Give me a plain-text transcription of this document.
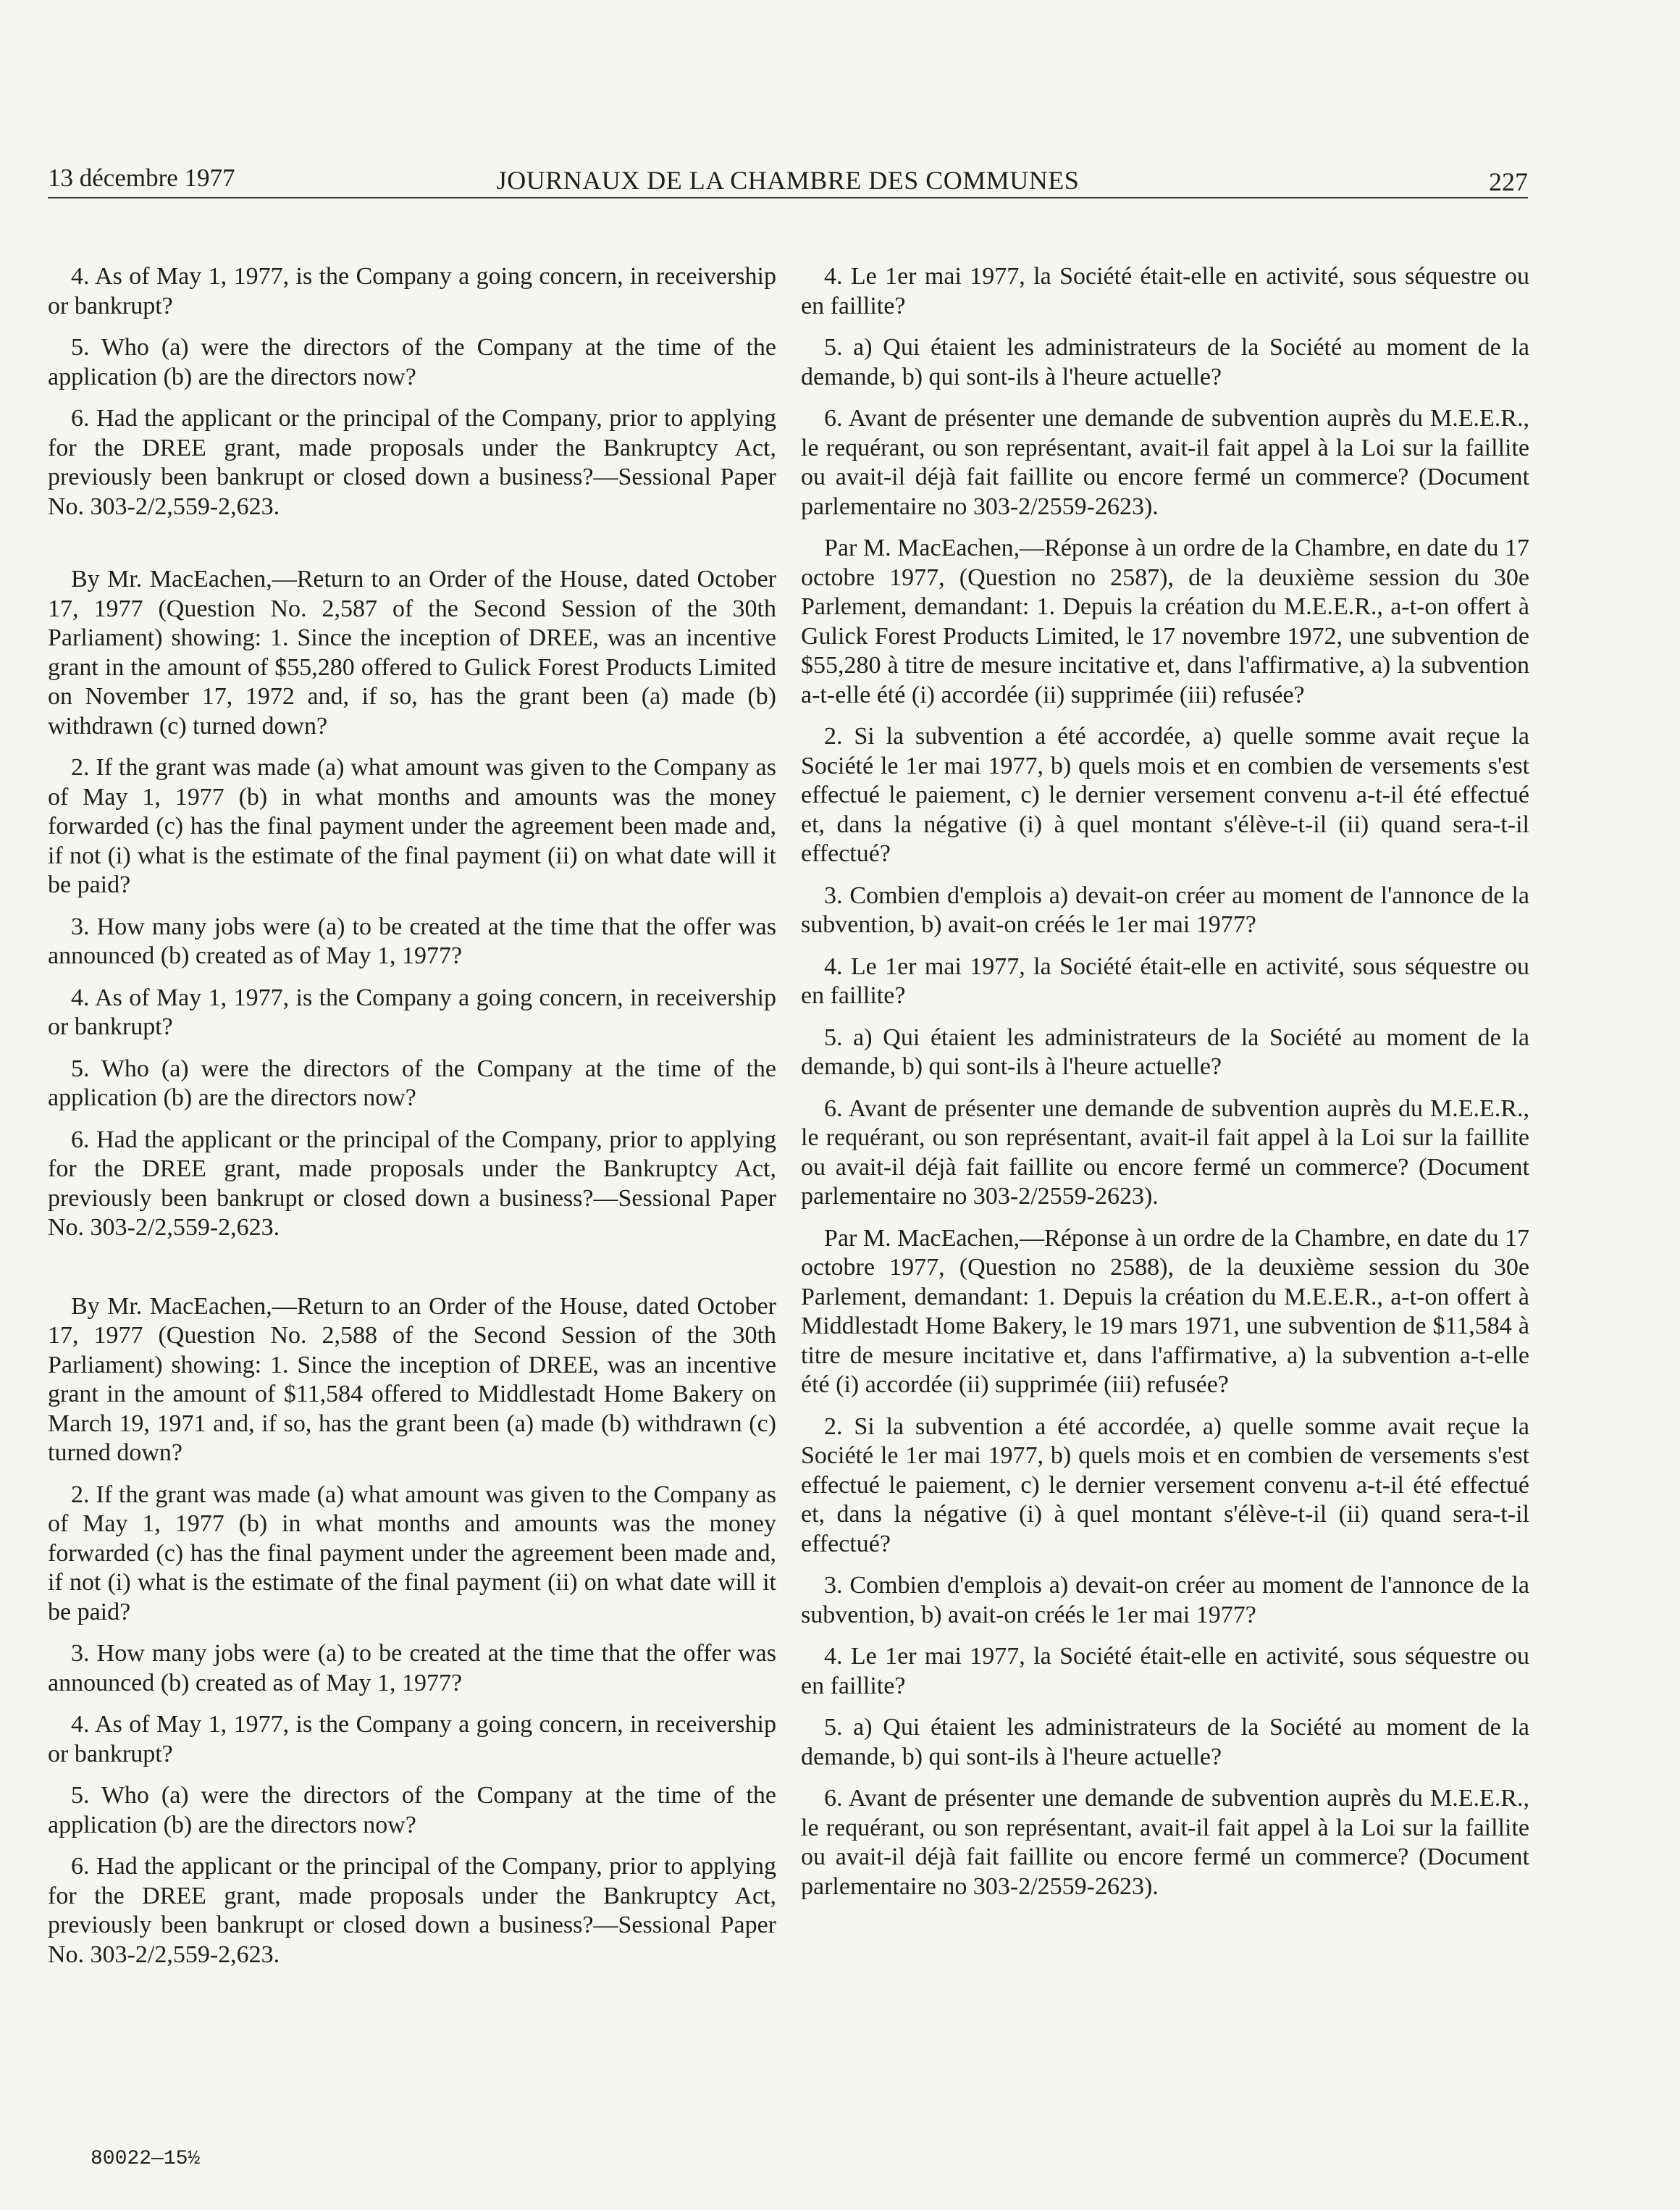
13 décembre 1977	JOURNAUX DE LA CHAMBRE DES COMMUNES	227

4. As of May 1, 1977, is the Company a going concern, in receivership or bankrupt?

5. Who (a) were the directors of the Company at the time of the application (b) are the directors now?

6. Had the applicant or the principal of the Company, prior to applying for the DREE grant, made proposals under the Bankruptcy Act, previously been bankrupt or closed down a business?—Sessional Paper No. 303-2/2,559-2,623.

By Mr. MacEachen,—Return to an Order of the House, dated October 17, 1977 (Question No. 2,587 of the Second Session of the 30th Parliament) showing: 1. Since the inception of DREE, was an incentive grant in the amount of $55,280 offered to Gulick Forest Products Limited on November 17, 1972 and, if so, has the grant been (a) made (b) withdrawn (c) turned down?

2. If the grant was made (a) what amount was given to the Company as of May 1, 1977 (b) in what months and amounts was the money forwarded (c) has the final payment under the agreement been made and, if not (i) what is the estimate of the final payment (ii) on what date will it be paid?

3. How many jobs were (a) to be created at the time that the offer was announced (b) created as of May 1, 1977?

4. As of May 1, 1977, is the Company a going concern, in receivership or bankrupt?

5. Who (a) were the directors of the Company at the time of the application (b) are the directors now?

6. Had the applicant or the principal of the Company, prior to applying for the DREE grant, made proposals under the Bankruptcy Act, previously been bankrupt or closed down a business?—Sessional Paper No. 303-2/2,559-2,623.

By Mr. MacEachen,—Return to an Order of the House, dated October 17, 1977 (Question No. 2,588 of the Second Session of the 30th Parliament) showing: 1. Since the inception of DREE, was an incentive grant in the amount of $11,584 offered to Middlestadt Home Bakery on March 19, 1971 and, if so, has the grant been (a) made (b) withdrawn (c) turned down?

2. If the grant was made (a) what amount was given to the Company as of May 1, 1977 (b) in what months and amounts was the money forwarded (c) has the final payment under the agreement been made and, if not (i) what is the estimate of the final payment (ii) on what date will it be paid?

3. How many jobs were (a) to be created at the time that the offer was announced (b) created as of May 1, 1977?

4. As of May 1, 1977, is the Company a going concern, in receivership or bankrupt?

5. Who (a) were the directors of the Company at the time of the application (b) are the directors now?

6. Had the applicant or the principal of the Company, prior to applying for the DREE grant, made proposals under the Bankruptcy Act, previously been bankrupt or closed down a business?—Sessional Paper No. 303-2/2,559-2,623.

4. Le 1er mai 1977, la Société était-elle en activité, sous séquestre ou en faillite?

5. a) Qui étaient les administrateurs de la Société au moment de la demande, b) qui sont-ils à l'heure actuelle?

6. Avant de présenter une demande de subvention auprès du M.E.E.R., le requérant, ou son représentant, avait-il fait appel à la Loi sur la faillite ou avait-il déjà fait faillite ou encore fermé un commerce? (Document parlementaire no 303-2/2559-2623).

Par M. MacEachen,—Réponse à un ordre de la Chambre, en date du 17 octobre 1977, (Question no 2587), de la deuxième session du 30e Parlement, demandant: 1. Depuis la création du M.E.E.R., a-t-on offert à Gulick Forest Products Limited, le 17 novembre 1972, une subvention de $55,280 à titre de mesure incitative et, dans l'affirmative, a) la subvention a-t-elle été (i) accordée (ii) supprimée (iii) refusée?

2. Si la subvention a été accordée, a) quelle somme avait reçue la Société le 1er mai 1977, b) quels mois et en combien de versements s'est effectué le paiement, c) le dernier versement convenu a-t-il été effectué et, dans la négative (i) à quel montant s'élève-t-il (ii) quand sera-t-il effectué?

3. Combien d'emplois a) devait-on créer au moment de l'annonce de la subvention, b) avait-on créés le 1er mai 1977?

4. Le 1er mai 1977, la Société était-elle en activité, sous séquestre ou en faillite?

5. a) Qui étaient les administrateurs de la Société au moment de la demande, b) qui sont-ils à l'heure actuelle?

6. Avant de présenter une demande de subvention auprès du M.E.E.R., le requérant, ou son représentant, avait-il fait appel à la Loi sur la faillite ou avait-il déjà fait faillite ou encore fermé un commerce? (Document parlementaire no 303-2/2559-2623).

Par M. MacEachen,—Réponse à un ordre de la Chambre, en date du 17 octobre 1977, (Question no 2588), de la deuxième session du 30e Parlement, demandant: 1. Depuis la création du M.E.E.R., a-t-on offert à Middlestadt Home Bakery, le 19 mars 1971, une subvention de $11,584 à titre de mesure incitative et, dans l'affirmative, a) la subvention a-t-elle été (i) accordée (ii) supprimée (iii) refusée?

2. Si la subvention a été accordée, a) quelle somme avait reçue la Société le 1er mai 1977, b) quels mois et en combien de versements s'est effectué le paiement, c) le dernier versement convenu a-t-il été effectué et, dans la négative (i) à quel montant s'élève-t-il (ii) quand sera-t-il effectué?

3. Combien d'emplois a) devait-on créer au moment de l'annonce de la subvention, b) avait-on créés le 1er mai 1977?

4. Le 1er mai 1977, la Société était-elle en activité, sous séquestre ou en faillite?

5. a) Qui étaient les administrateurs de la Société au moment de la demande, b) qui sont-ils à l'heure actuelle?

6. Avant de présenter une demande de subvention auprès du M.E.E.R., le requérant, ou son représentant, avait-il fait appel à la Loi sur la faillite ou avait-il déjà fait faillite ou encore fermé un commerce? (Document parlementaire no 303-2/2559-2623).

80022—15½
